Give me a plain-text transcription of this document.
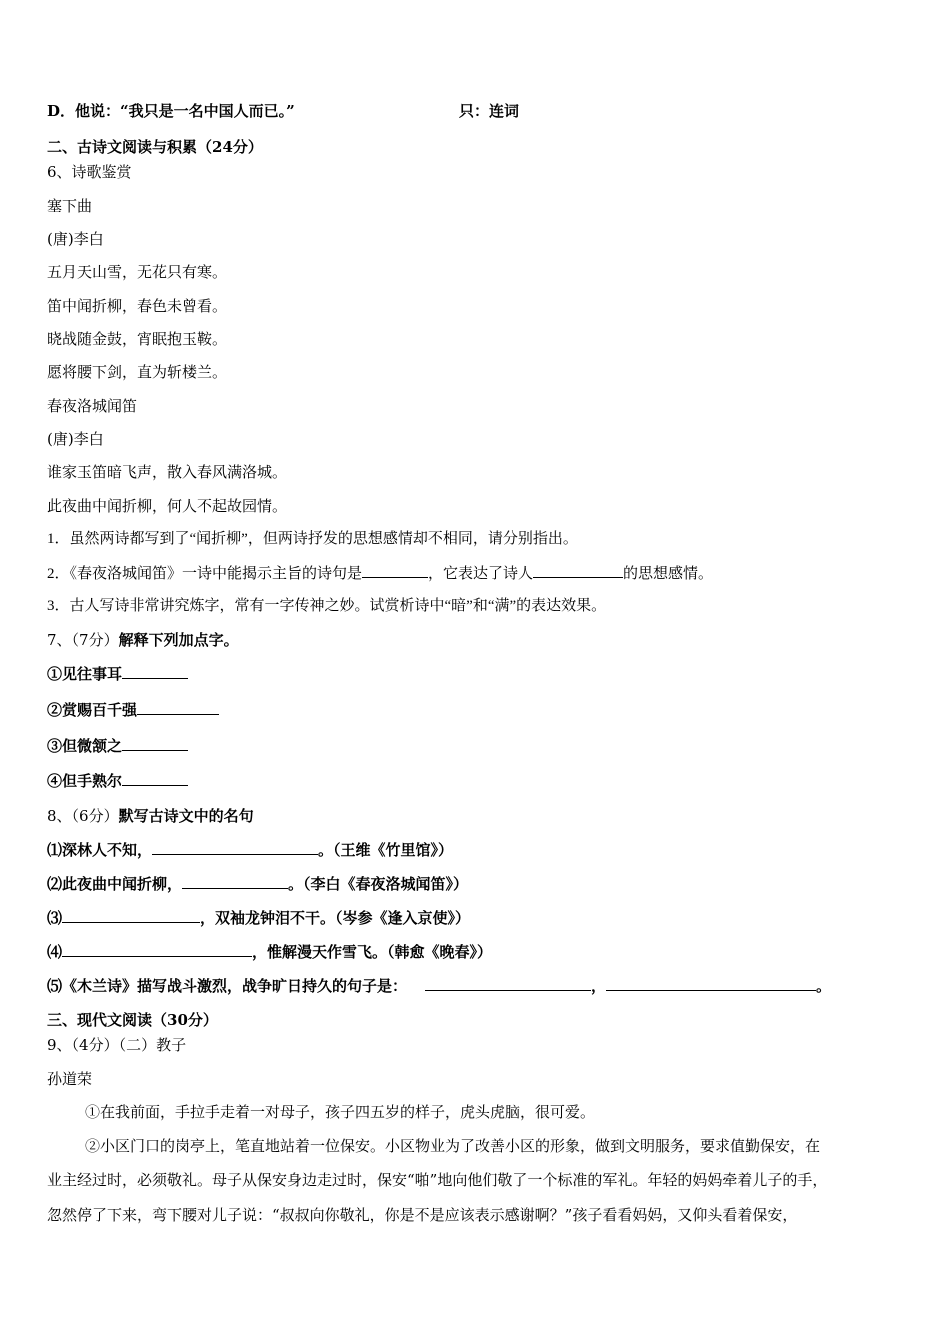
D．他说：“我只是一名中国人而已。”	只：连词
二、古诗文阅读与积累（24分）
6、诗歌鉴赏
塞下曲
(唐)李白
五月天山雪，无花只有寒。
笛中闻折柳，春色未曾看。
晓战随金鼓，宵眠抱玉鞍。
愿将腰下剑，直为斩楼兰。
春夜洛城闻笛
(唐)李白
谁家玉笛暗飞声，散入春风满洛城。
此夜曲中闻折柳，何人不起故园情。
1．虽然两诗都写到了“闻折柳”，但两诗抒发的思想感情却不相同，请分别指出。
2．《春夜洛城闻笛》一诗中能揭示主旨的诗句是	，它表达了诗人	的思想感情。
3．古人写诗非常讲究炼字，常有一字传神之妙。试赏析诗中“暗”和“满”的表达效果。
7、（7分）解释下列加点字。
①见往事耳
②赏赐百千强
③但微颔之
④但手熟尔
8、（6分）默写古诗文中的名句
⑴深林人不知，	。（王维《竹里馆》）
⑵此夜曲中闻折柳，	。（李白《春夜洛城闻笛》）
⑶	，双袖龙钟泪不干。（岑参《逢入京使》）
⑷	，惟解漫天作雪飞。（韩愈《晚春》）
⑸《木兰诗》描写战斗激烈，战争旷日持久的句子是：	，	。
三、现代文阅读（30分）
9、（4分）（二）教子
孙道荣
①在我前面，手拉手走着一对母子，孩子四五岁的样子，虎头虎脑，很可爱。
②小区门口的岗亭上，笔直地站着一位保安。小区物业为了改善小区的形象，做到文明服务，要求值勤保安，在
业主经过时，必须敬礼。母子从保安身边走过时，保安“啪”地向他们敬了一个标准的军礼。年轻的妈妈牵着儿子的手，
忽然停了下来，弯下腰对儿子说：“叔叔向你敬礼，你是不是应该表示感谢啊？”孩子看看妈妈，又仰头看着保安，
